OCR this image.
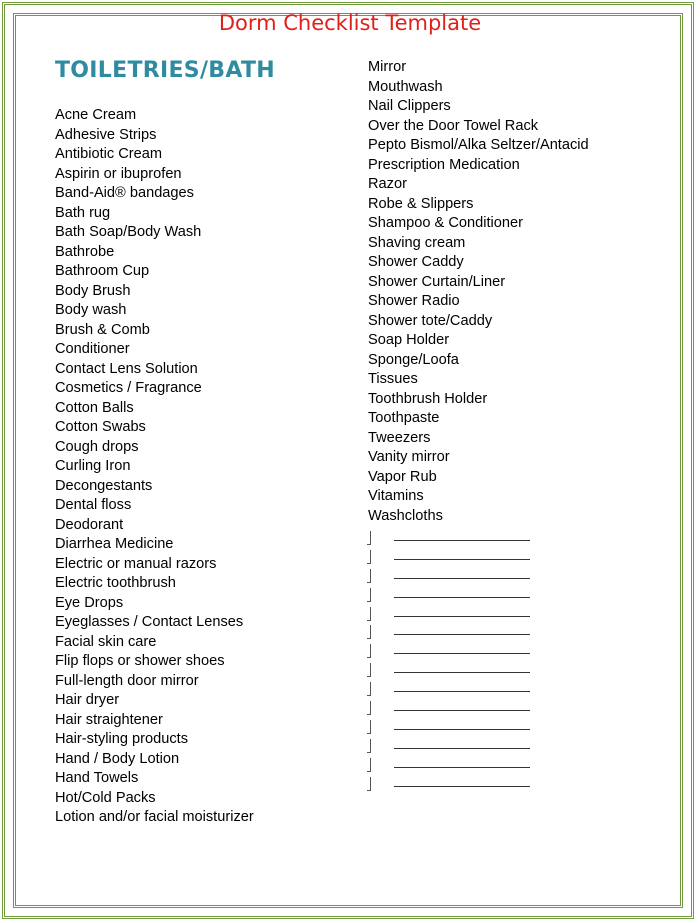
Dorm Checklist Template
TOILETRIES/BATH
Acne Cream
Adhesive Strips
Antibiotic Cream
Aspirin or ibuprofen
Band-Aid® bandages
Bath rug
Bath Soap/Body Wash
Bathrobe
Bathroom Cup
Body Brush
Body wash
Brush & Comb
Conditioner
Contact Lens Solution
Cosmetics / Fragrance
Cotton Balls
Cotton Swabs
Cough drops
Curling Iron
Decongestants
Dental floss
Deodorant
Diarrhea Medicine
Electric or manual razors
Electric toothbrush
Eye Drops
Eyeglasses / Contact Lenses
Facial skin care
Flip flops or shower shoes
Full-length door mirror
Hair dryer
Hair straightener
Hair-styling products
Hand / Body Lotion
Hand Towels
Hot/Cold Packs
Lotion and/or facial moisturizer
Mirror
Mouthwash
Nail Clippers
Over the Door Towel Rack
Pepto Bismol/Alka Seltzer/Antacid
Prescription Medication
Razor
Robe & Slippers
Shampoo & Conditioner
Shaving cream
Shower Caddy
Shower Curtain/Liner
Shower Radio
Shower tote/Caddy
Soap Holder
Sponge/Loofa
Tissues
Toothbrush Holder
Toothpaste
Tweezers
Vanity mirror
Vapor Rub
Vitamins
Washcloths
